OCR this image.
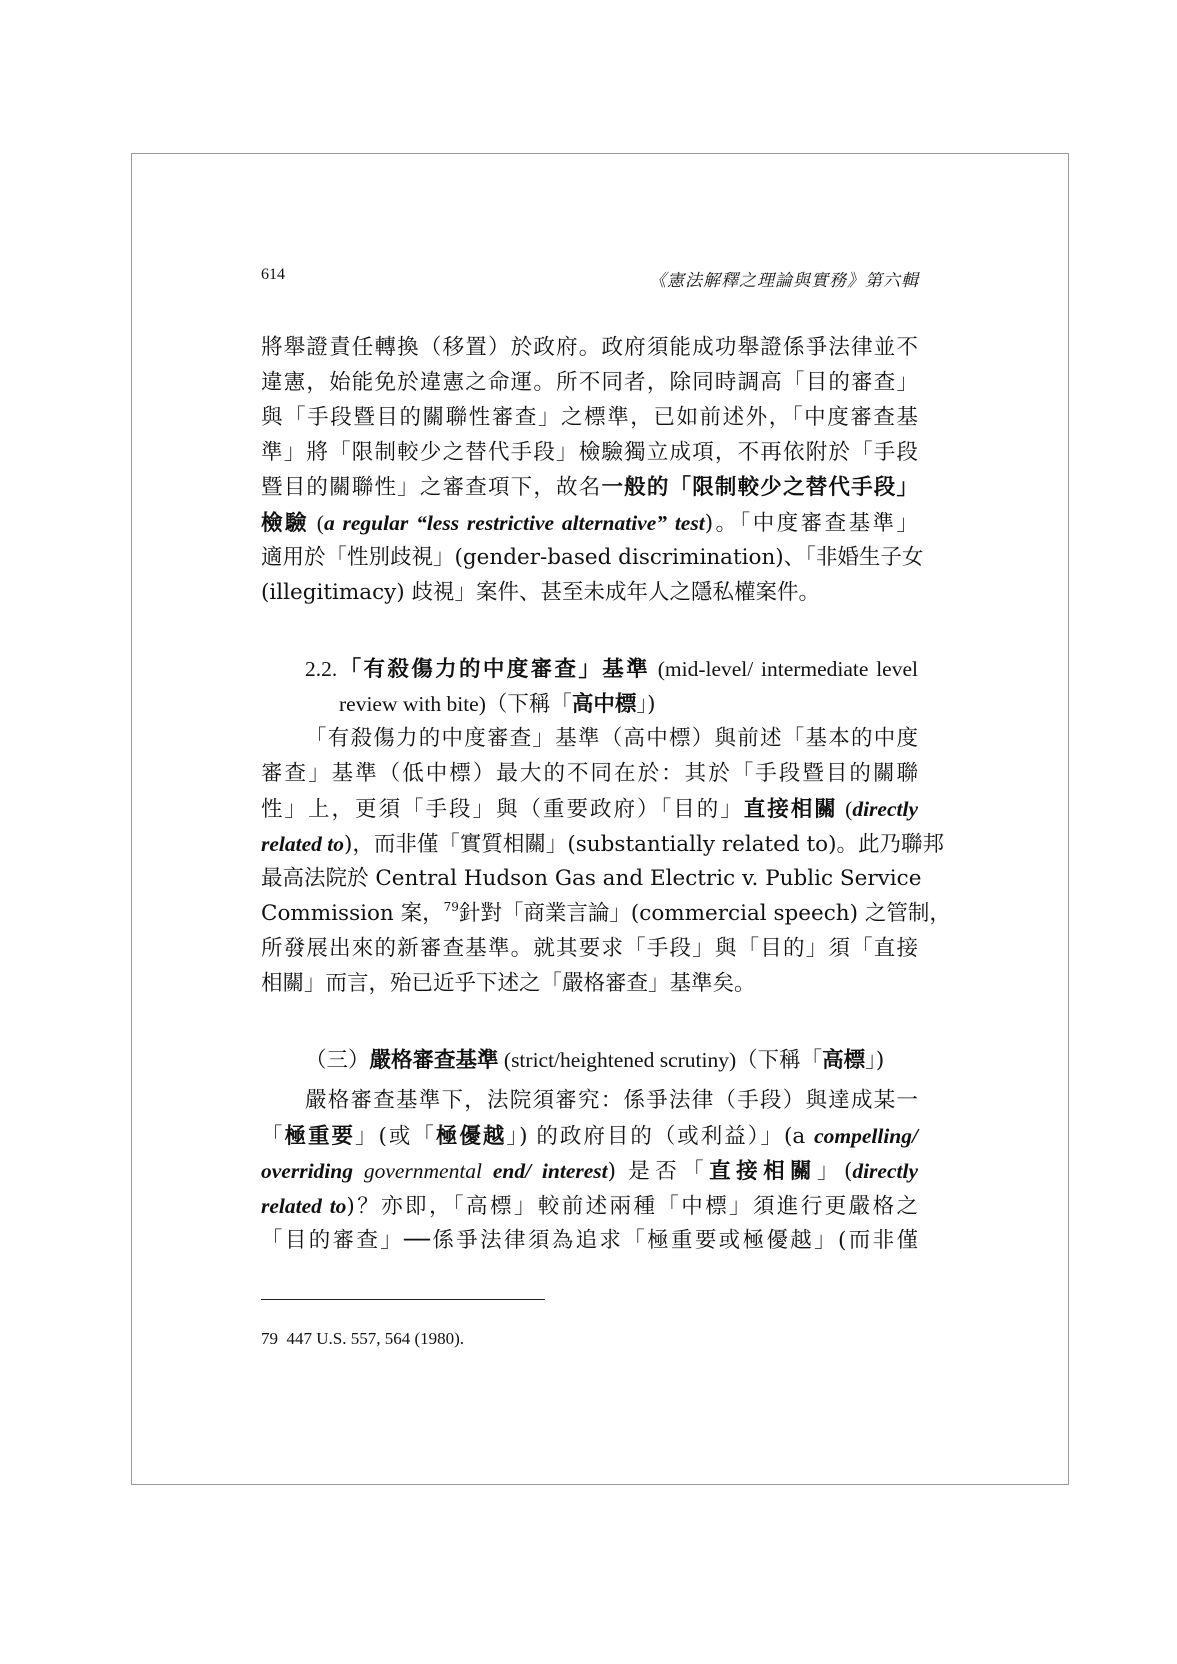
614	《憲法解釋之理論與實務》第六輯
將舉證責任轉換（移置）於政府。政府須能成功舉證係爭法律並不
違憲，始能免於違憲之命運。所不同者，除同時調高「目的審查」
與「手段暨目的關聯性審查」之標準，已如前述外，「中度審查基
準」將「限制較少之替代手段」檢驗獨立成項，不再依附於「手段
暨目的關聯性」之審查項下，故名一般的「限制較少之替代手段」
檢驗 (a regular “less restrictive alternative” test)。「中度審查基準」
適用於「性別歧視」(gender-based discrimination)、「非婚生子女
(illegitimacy) 歧視」案件、甚至未成年人之隱私權案件。
2.2.「有殺傷力的中度審查」基準 (mid-level/ intermediate level
review with bite)（下稱「高中標」)
「有殺傷力的中度審查」基準（高中標）與前述「基本的中度
審查」基準（低中標）最大的不同在於：其於「手段暨目的關聯
性」上，更須「手段」與（重要政府）「目的」直接相關 (directly
related to)，而非僅「實質相關」(substantially related to)。此乃聯邦
最高法院於 Central Hudson Gas and Electric v. Public Service
Commission 案，$^{79}$針對「商業言論」(commercial speech) 之管制，
所發展出來的新審查基準。就其要求「手段」與「目的」須「直接
相關」而言，殆已近乎下述之「嚴格審查」基準矣。
（三）嚴格審查基準 (strict/heightened scrutiny)（下稱「高標」)
嚴格審查基準下，法院須審究：係爭法律（手段）與達成某一
「極重要」(或「極優越」) 的政府目的（或利益）」(a compelling/
overriding governmental end/ interest) 是否「直接相關」(directly
related to)？亦即，「高標」較前述兩種「中標」須進行更嚴格之
「目的審查」──係爭法律須為追求「極重要或極優越」(而非僅
79 447 U.S. 557, 564 (1980).
